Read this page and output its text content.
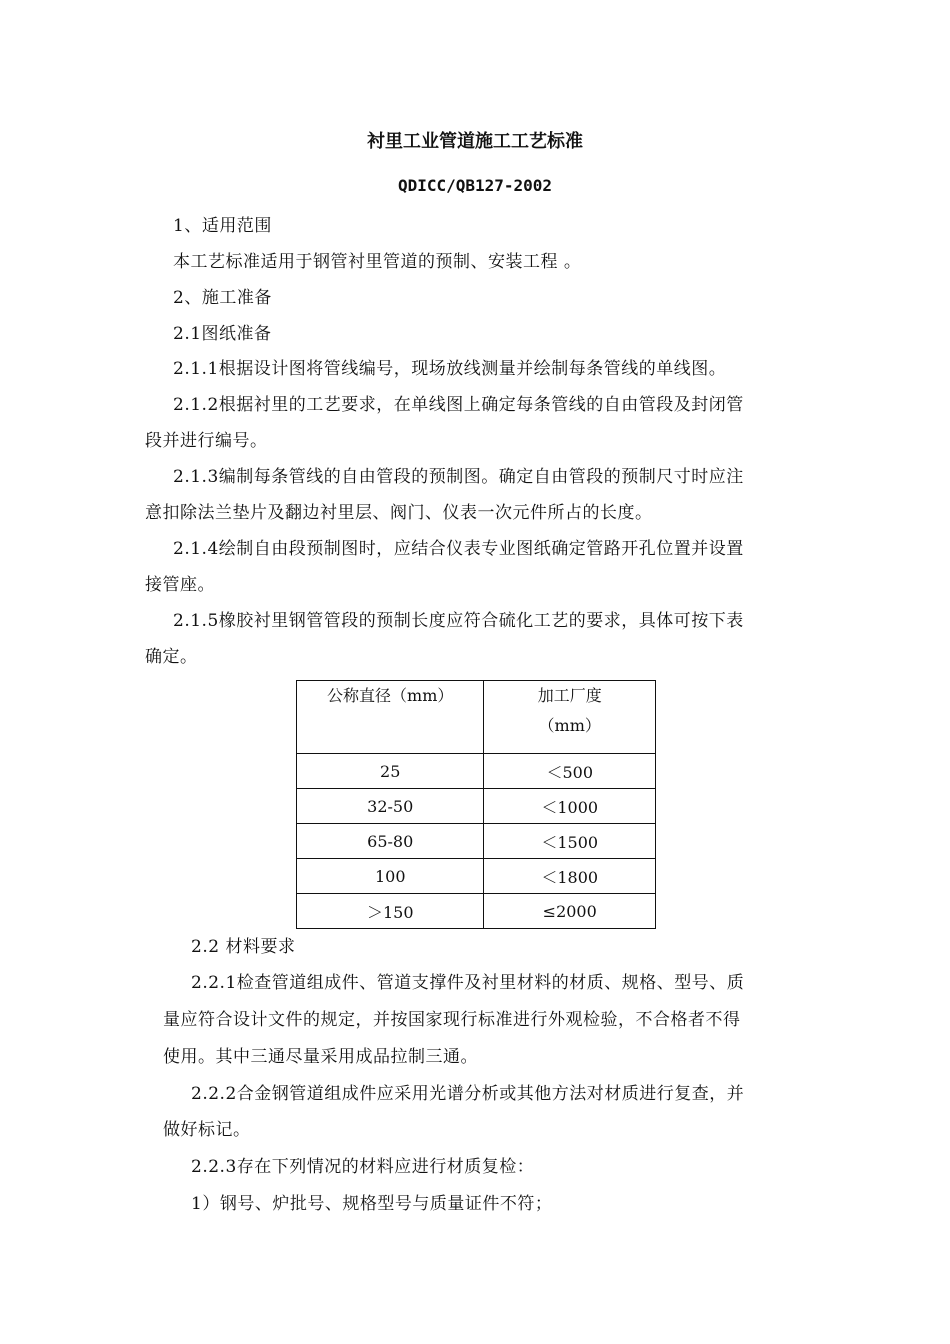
衬里工业管道施工工艺标准
QDICC/QB127-2002
1、适用范围
本工艺标准适用于钢管衬里管道的预制、安装工程 。
2、施工准备
2.1图纸准备
2.1.1根据设计图将管线编号，现场放线测量并绘制每条管线的单线图。
2.1.2根据衬里的工艺要求，在单线图上确定每条管线的自由管段及封闭管
段并进行编号。
2.1.3编制每条管线的自由管段的预制图。确定自由管段的预制尺寸时应注
意扣除法兰垫片及翻边衬里层、阀门、仪表一次元件所占的长度。
2.1.4绘制自由段预制图时，应结合仪表专业图纸确定管路开孔位置并设置
接管座。
2.1.5橡胶衬里钢管管段的预制长度应符合硫化工艺的要求，具体可按下表
确定。
公称直径（mm）	加工厂度
（mm）

25	＜500
32-50	＜1000
65-80	＜1500
100	＜1800
＞150	≤2000
2.2 材料要求
2.2.1检查管道组成件、管道支撑件及衬里材料的材质、规格、型号、质
量应符合设计文件的规定，并按国家现行标准进行外观检验，不合格者不得
使用。其中三通尽量采用成品拉制三通。
2.2.2合金钢管道组成件应采用光谱分析或其他方法对材质进行复查，并
做好标记。
2.2.3存在下列情况的材料应进行材质复检：
1）钢号、炉批号、规格型号与质量证件不符；
